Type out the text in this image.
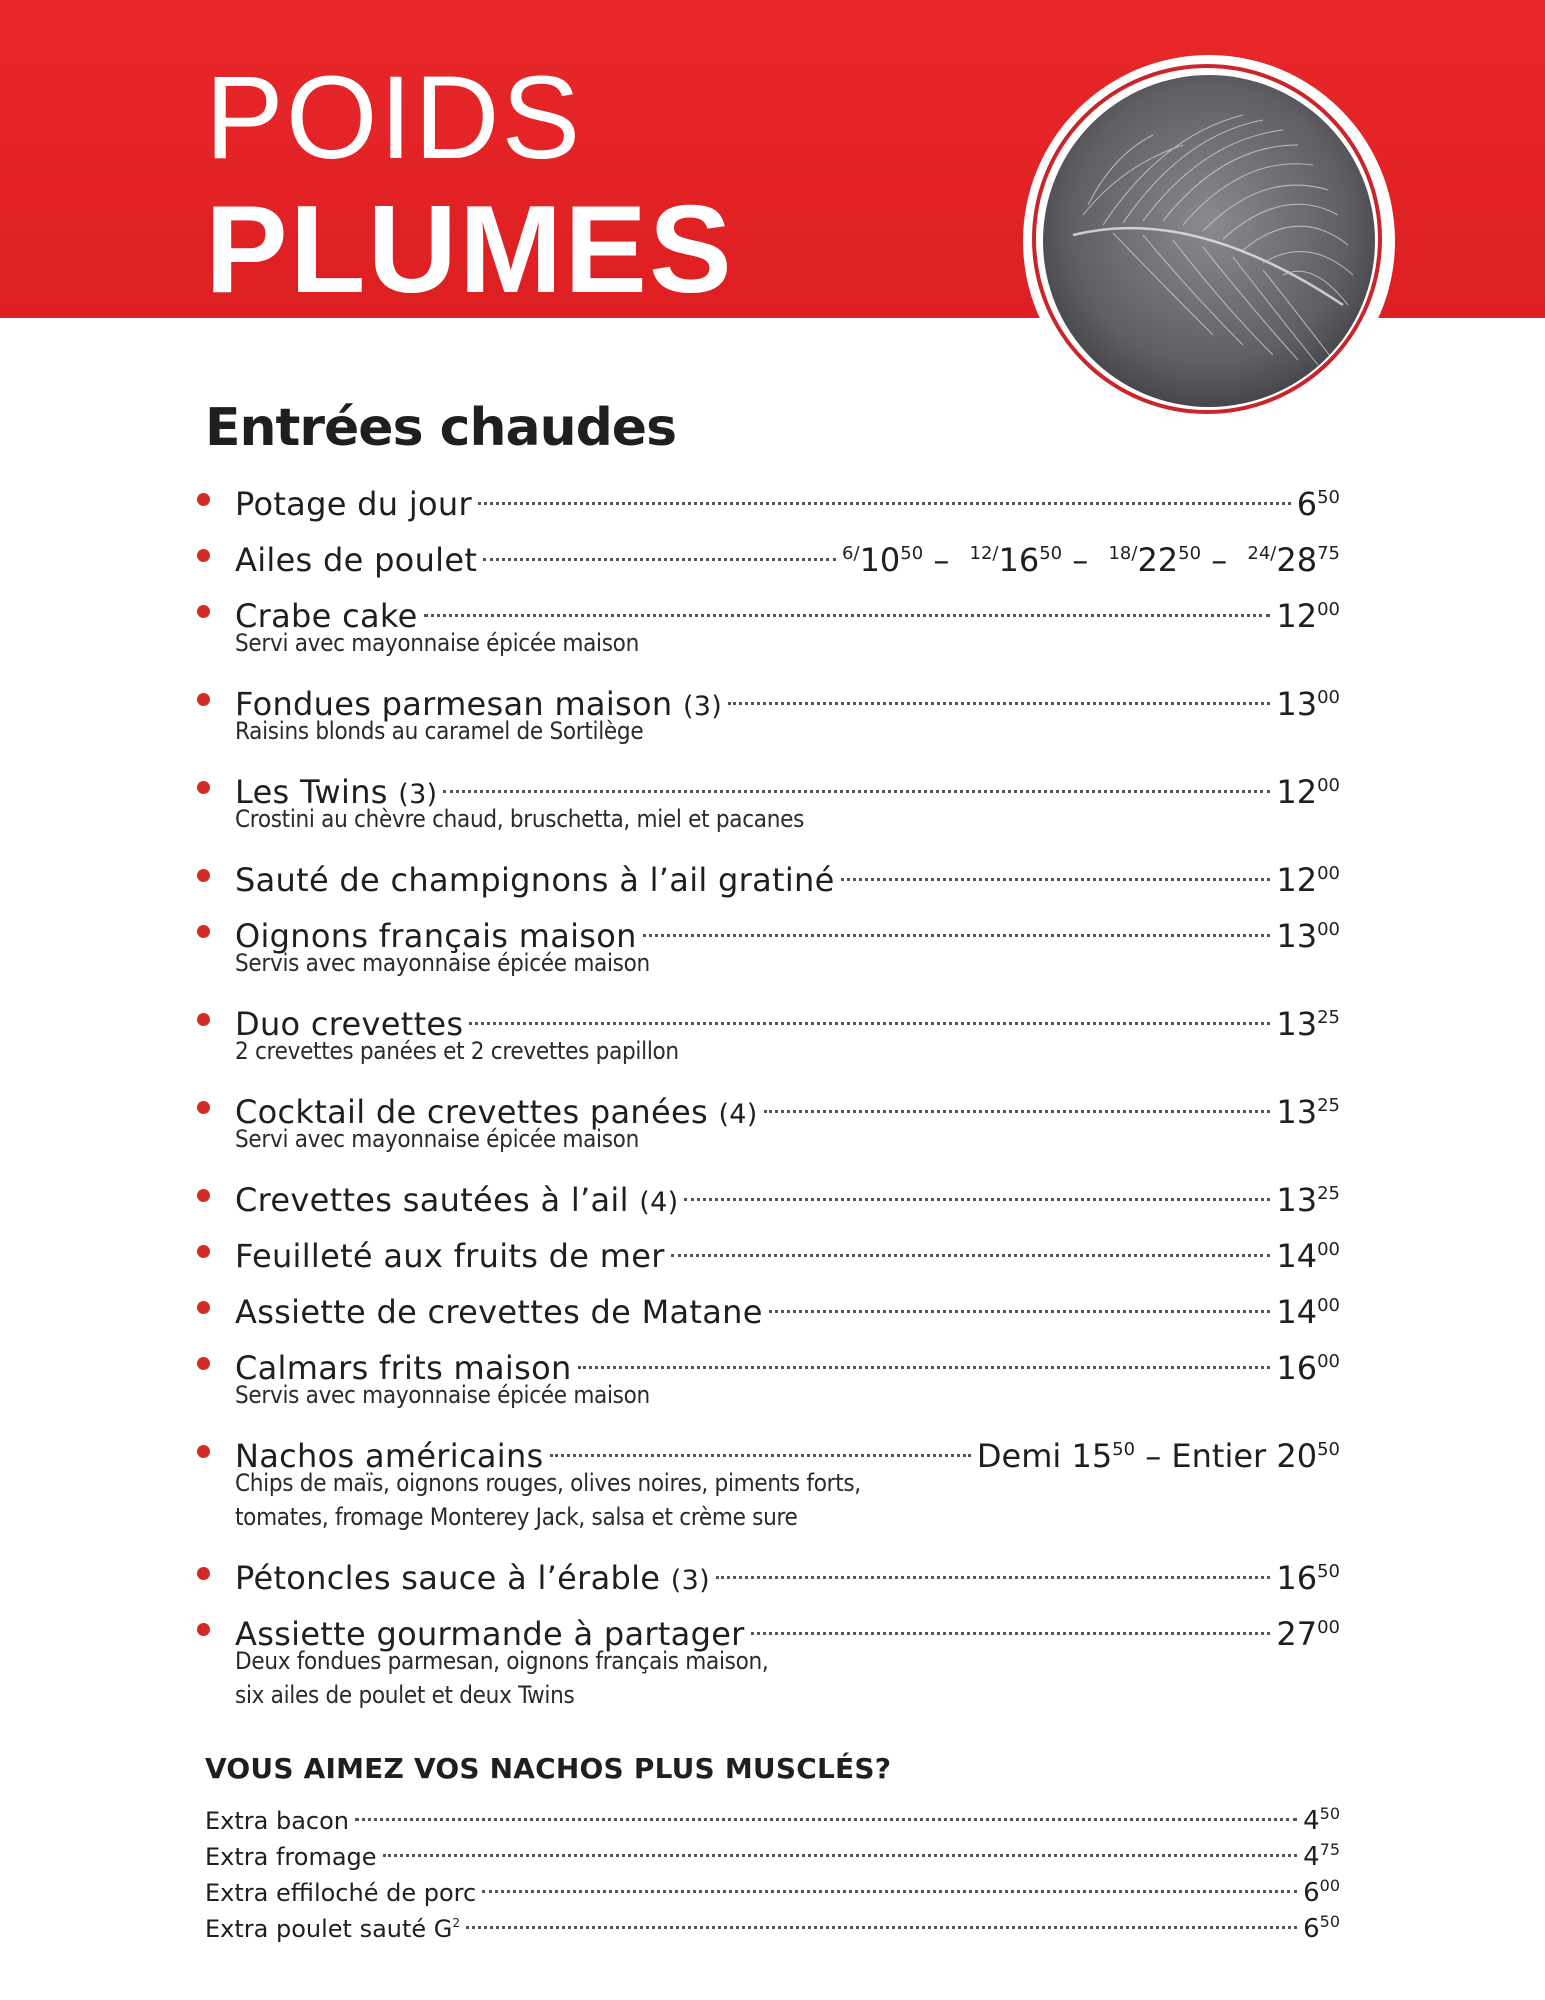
POIDS
PLUMES
Entrées chaudes
Potage du jour	$6^{50}$
Ailes de poulet	$^{6/}10^{50} - ^{12/}16^{50} - ^{18/}22^{50} - ^{24/}28^{75}$
Crabe cake	$12^{00}$
Servi avec mayonnaise épicée maison
Fondues parmesan maison (3)	$13^{00}$
Raisins blonds au caramel de Sortilège
Les Twins (3)	$12^{00}$
Crostini au chèvre chaud, bruschetta, miel et pacanes
Sauté de champignons à l’ail gratiné	$12^{00}$
Oignons français maison	$13^{00}$
Servis avec mayonnaise épicée maison
Duo crevettes	$13^{25}$
2 crevettes panées et 2 crevettes papillon
Cocktail de crevettes panées (4)	$13^{25}$
Servi avec mayonnaise épicée maison
Crevettes sautées à l’ail (4)	$13^{25}$
Feuilleté aux fruits de mer	$14^{00}$
Assiette de crevettes de Matane	$14^{00}$
Calmars frits maison	$16^{00}$
Servis avec mayonnaise épicée maison
Nachos américains	Demi $15^{50}$ – Entier $20^{50}$
Chips de maïs, oignons rouges, olives noires, piments forts,
tomates, fromage Monterey Jack, salsa et crème sure
Pétoncles sauce à l’érable (3)	$16^{50}$
Assiette gourmande à partager	$27^{00}$
Deux fondues parmesan, oignons français maison,
six ailes de poulet et deux Twins
VOUS AIMEZ VOS NACHOS PLUS MUSCLÉS?
Extra bacon	$4^{50}$
Extra fromage	$4^{75}$
Extra effiloché de porc	$6^{00}$
Extra poulet sauté $G^2$	$6^{50}$
